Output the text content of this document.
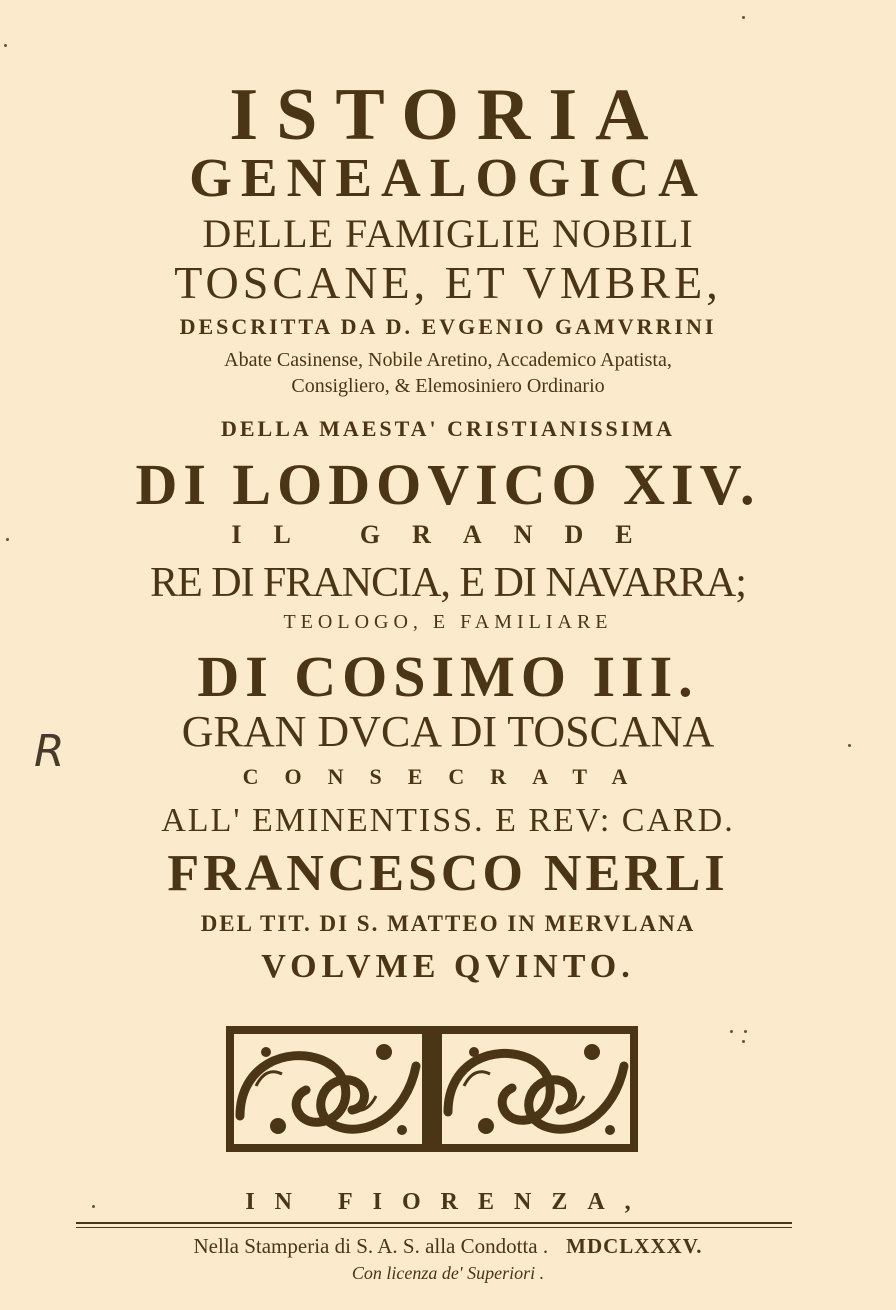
ISTORIA

GENEALOGICA

DELLE FAMIGLIE NOBILI

TOSCANE, ET VMBRE,

DESCRITTA DA D. EVGENIO GAMVRRINI

Abate Casinense, Nobile Aretino, Accademico Apatista,

Consigliero, & Elemosiniero Ordinario

DELLA MAESTA' CRISTIANISSIMA

DI LODOVICO XIV.

IL GRANDE

RE DI FRANCIA, E DI NAVARRA;

TEOLOGO, E FAMILIARE

DI COSIMO III.

GRAN DVCA DI TOSCANA

CONSECRATA

ALL' EMINENTISS. E REV: CARD.

FRANCESCO NERLI

DEL TIT. DI S. MATTEO IN MERVLANA

VOLVME QVINTO.

IN FIORENZA,

Nella Stamperia di S. A. S. alla Condotta . MDCLXXXV.

Con licenza de' Superiori .

R
